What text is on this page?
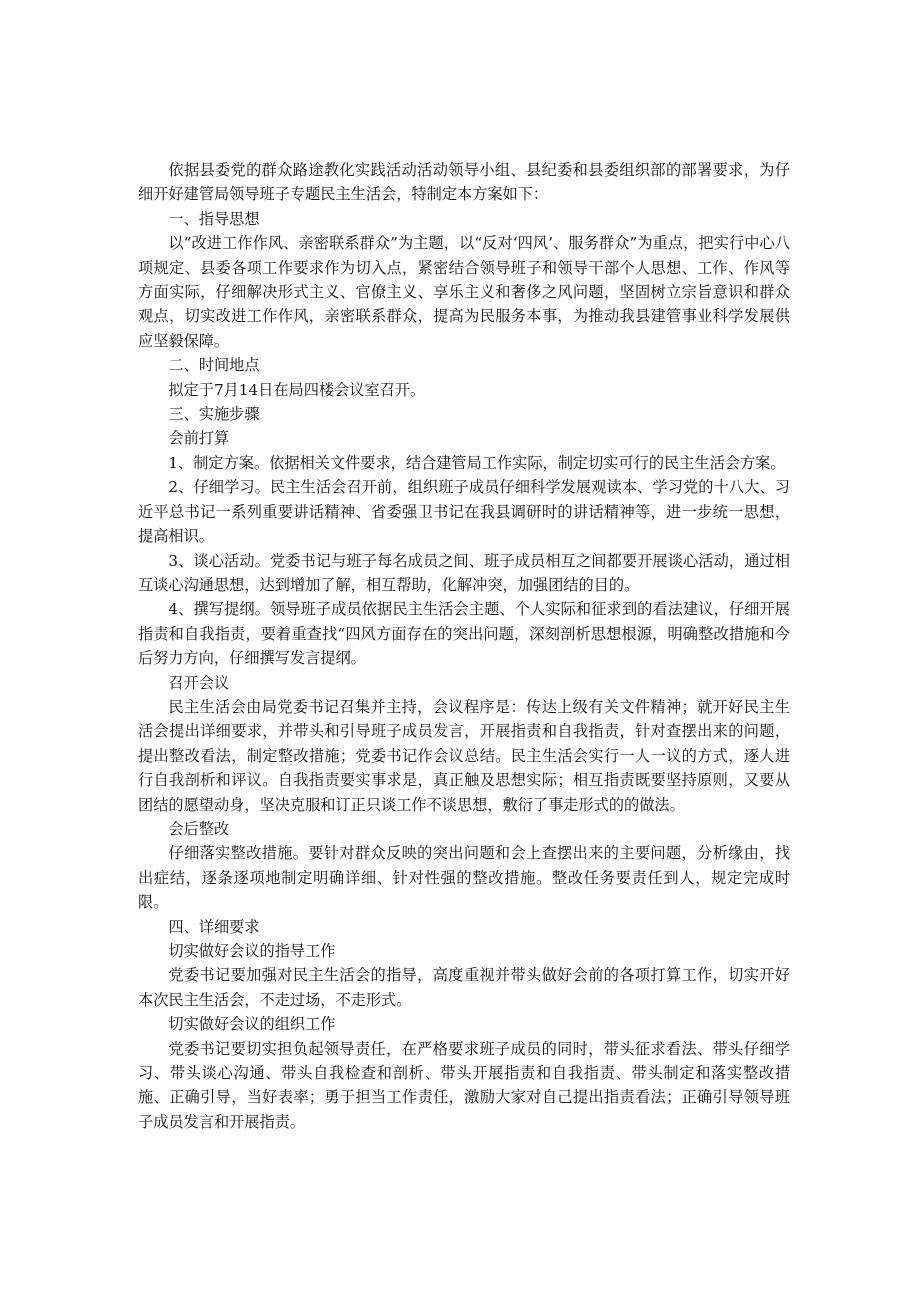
依据县委党的群众路途教化实践活动活动领导小组、县纪委和县委组织部的部署要求，为仔细开好建管局领导班子专题民主生活会，特制定本方案如下：

一、指导思想

以“改进工作作风、亲密联系群众”为主题，以“反对‘四风’、服务群众”为重点，把实行中心八项规定、县委各项工作要求作为切入点，紧密结合领导班子和领导干部个人思想、工作、作风等方面实际，仔细解决形式主义、官僚主义、享乐主义和奢侈之风问题，坚固树立宗旨意识和群众观点，切实改进工作作风，亲密联系群众，提高为民服务本事，为推动我县建管事业科学发展供应坚毅保障。

二、时间地点

拟定于7月14日在局四楼会议室召开。

三、实施步骤

会前打算

1、制定方案。依据相关文件要求，结合建管局工作实际，制定切实可行的民主生活会方案。

2、仔细学习。民主生活会召开前，组织班子成员仔细科学发展观读本、学习党的十八大、习近平总书记一系列重要讲话精神、省委强卫书记在我县调研时的讲话精神等，进一步统一思想，提高相识。

3、谈心活动。党委书记与班子每名成员之间、班子成员相互之间都要开展谈心活动，通过相互谈心沟通思想，达到增加了解，相互帮助，化解冲突，加强团结的目的。

4、撰写提纲。领导班子成员依据民主生活会主题、个人实际和征求到的看法建议，仔细开展指责和自我指责，要着重查找“四风方面存在的突出问题，深刻剖析思想根源，明确整改措施和今后努力方向，仔细撰写发言提纲。

召开会议

民主生活会由局党委书记召集并主持，会议程序是：传达上级有关文件精神；就开好民主生活会提出详细要求，并带头和引导班子成员发言，开展指责和自我指责，针对查摆出来的问题，提出整改看法，制定整改措施；党委书记作会议总结。民主生活会实行一人一议的方式，逐人进行自我剖析和评议。自我指责要实事求是，真正触及思想实际；相互指责既要坚持原则，又要从团结的愿望动身，坚决克服和订正只谈工作不谈思想，敷衍了事走形式的的做法。

会后整改

仔细落实整改措施。要针对群众反映的突出问题和会上查摆出来的主要问题，分析缘由，找出症结，逐条逐项地制定明确详细、针对性强的整改措施。整改任务要责任到人，规定完成时限。

四、详细要求

切实做好会议的指导工作

党委书记要加强对民主生活会的指导，高度重视并带头做好会前的各项打算工作，切实开好本次民主生活会，不走过场，不走形式。

切实做好会议的组织工作

党委书记要切实担负起领导责任，在严格要求班子成员的同时，带头征求看法、带头仔细学习、带头谈心沟通、带头自我检查和剖析、带头开展指责和自我指责、带头制定和落实整改措施、正确引导，当好表率；勇于担当工作责任，激励大家对自己提出指责看法；正确引导领导班子成员发言和开展指责。
